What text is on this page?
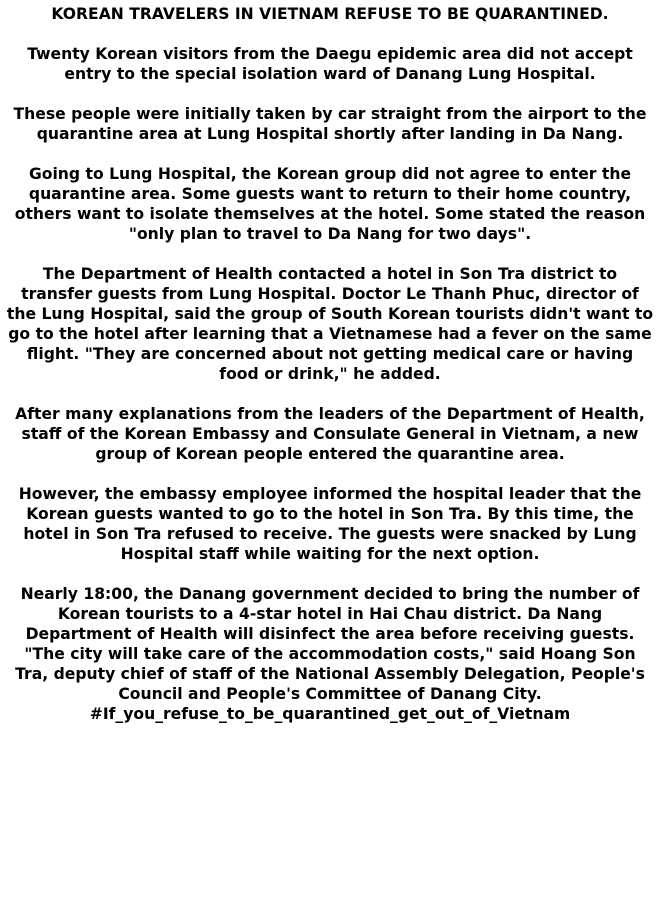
KOREAN TRAVELERS IN VIETNAM REFUSE TO BE QUARANTINED.
Twenty Korean visitors from the Daegu epidemic area did not accept entry to the special isolation ward of Danang Lung Hospital.
These people were initially taken by car straight from the airport to the quarantine area at Lung Hospital shortly after landing in Da Nang.
Going to Lung Hospital, the Korean group did not agree to enter the quarantine area. Some guests want to return to their home country, others want to isolate themselves at the hotel. Some stated the reason "only plan to travel to Da Nang for two days".
The Department of Health contacted a hotel in Son Tra district to transfer guests from Lung Hospital. Doctor Le Thanh Phuc, director of the Lung Hospital, said the group of South Korean tourists didn't want to go to the hotel after learning that a Vietnamese had a fever on the same flight. "They are concerned about not getting medical care or having food or drink," he added.
After many explanations from the leaders of the Department of Health, staff of the Korean Embassy and Consulate General in Vietnam, a new group of Korean people entered the quarantine area.
However, the embassy employee informed the hospital leader that the Korean guests wanted to go to the hotel in Son Tra. By this time, the hotel in Son Tra refused to receive. The guests were snacked by Lung Hospital staff while waiting for the next option.
Nearly 18:00, the Danang government decided to bring the number of Korean tourists to a 4-star hotel in Hai Chau district. Da Nang Department of Health will disinfect the area before receiving guests. "The city will take care of the accommodation costs," said Hoang Son Tra, deputy chief of staff of the National Assembly Delegation, People's Council and People's Committee of Danang City.
#If_you_refuse_to_be_quarantined_get_out_of_Vietnam
